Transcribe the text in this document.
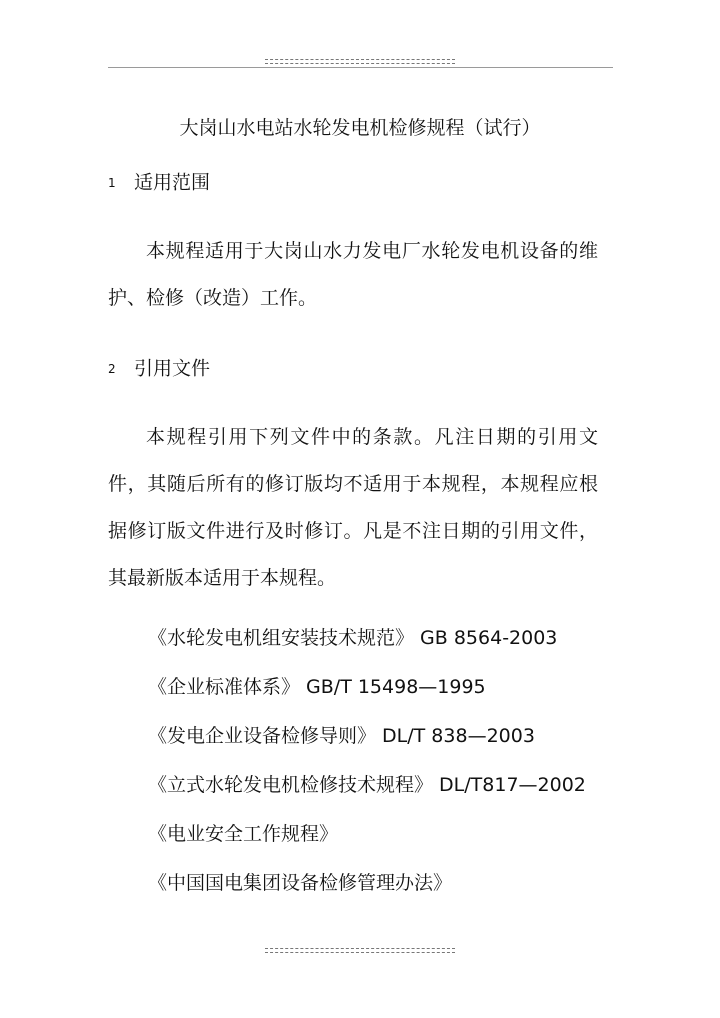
大岗山水电站水轮发电机检修规程（试行）
1 适用范围

本规程适用于大岗山水力发电厂水轮发电机设备的维护、检修（改造）工作。

2 引用文件

本规程引用下列文件中的条款。凡注日期的引用文件，其随后所有的修订版均不适用于本规程，本规程应根据修订版文件进行及时修订。凡是不注日期的引用文件，其最新版本适用于本规程。

《水轮发电机组安装技术规范》 GB 8564-2003
《企业标准体系》 GB/T 15498—1995
《发电企业设备检修导则》 DL/T 838—2003
《立式水轮发电机检修技术规程》 DL/T817—2002
《电业安全工作规程》
《中国国电集团设备检修管理办法》
